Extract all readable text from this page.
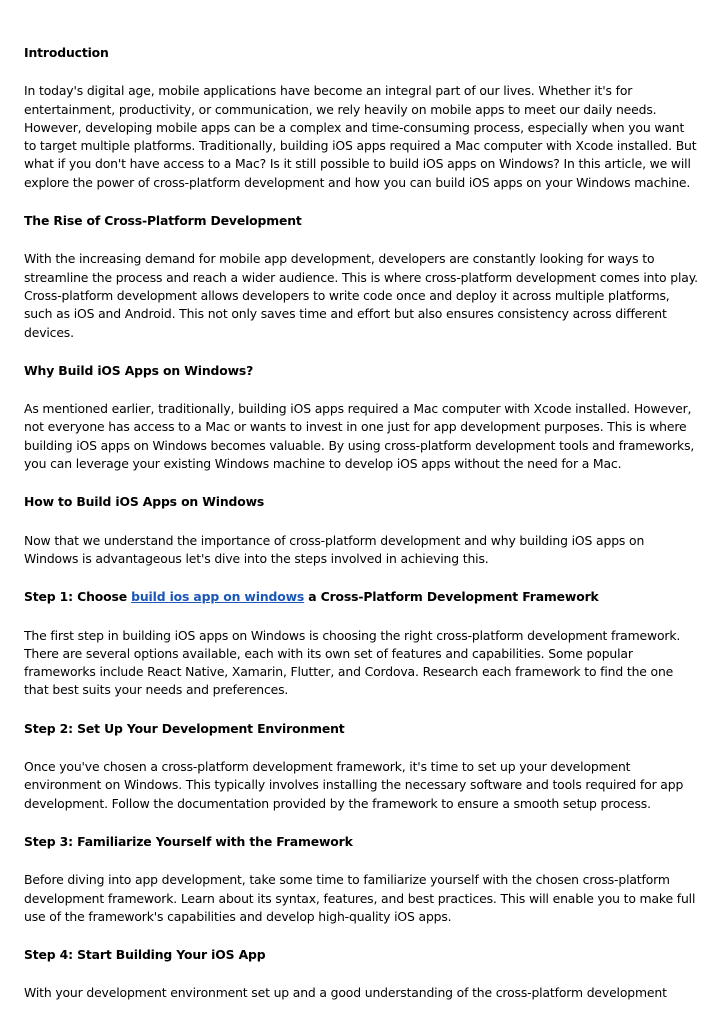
Introduction

In today's digital age, mobile applications have become an integral part of our lives. Whether it's for entertainment, productivity, or communication, we rely heavily on mobile apps to meet our daily needs. However, developing mobile apps can be a complex and time-consuming process, especially when you want to target multiple platforms. Traditionally, building iOS apps required a Mac computer with Xcode installed. But what if you don't have access to a Mac? Is it still possible to build iOS apps on Windows? In this article, we will explore the power of cross-platform development and how you can build iOS apps on your Windows machine.

The Rise of Cross-Platform Development

With the increasing demand for mobile app development, developers are constantly looking for ways to streamline the process and reach a wider audience. This is where cross-platform development comes into play. Cross-platform development allows developers to write code once and deploy it across multiple platforms, such as iOS and Android. This not only saves time and effort but also ensures consistency across different devices.

Why Build iOS Apps on Windows?

As mentioned earlier, traditionally, building iOS apps required a Mac computer with Xcode installed. However, not everyone has access to a Mac or wants to invest in one just for app development purposes. This is where building iOS apps on Windows becomes valuable. By using cross-platform development tools and frameworks, you can leverage your existing Windows machine to develop iOS apps without the need for a Mac.

How to Build iOS Apps on Windows

Now that we understand the importance of cross-platform development and why building iOS apps on Windows is advantageous let's dive into the steps involved in achieving this.

Step 1: Choose build ios app on windows a Cross-Platform Development Framework

The first step in building iOS apps on Windows is choosing the right cross-platform development framework. There are several options available, each with its own set of features and capabilities. Some popular frameworks include React Native, Xamarin, Flutter, and Cordova. Research each framework to find the one that best suits your needs and preferences.

Step 2: Set Up Your Development Environment

Once you've chosen a cross-platform development framework, it's time to set up your development environment on Windows. This typically involves installing the necessary software and tools required for app development. Follow the documentation provided by the framework to ensure a smooth setup process.

Step 3: Familiarize Yourself with the Framework

Before diving into app development, take some time to familiarize yourself with the chosen cross-platform development framework. Learn about its syntax, features, and best practices. This will enable you to make full use of the framework's capabilities and develop high-quality iOS apps.

Step 4: Start Building Your iOS App

With your development environment set up and a good understanding of the cross-platform development
